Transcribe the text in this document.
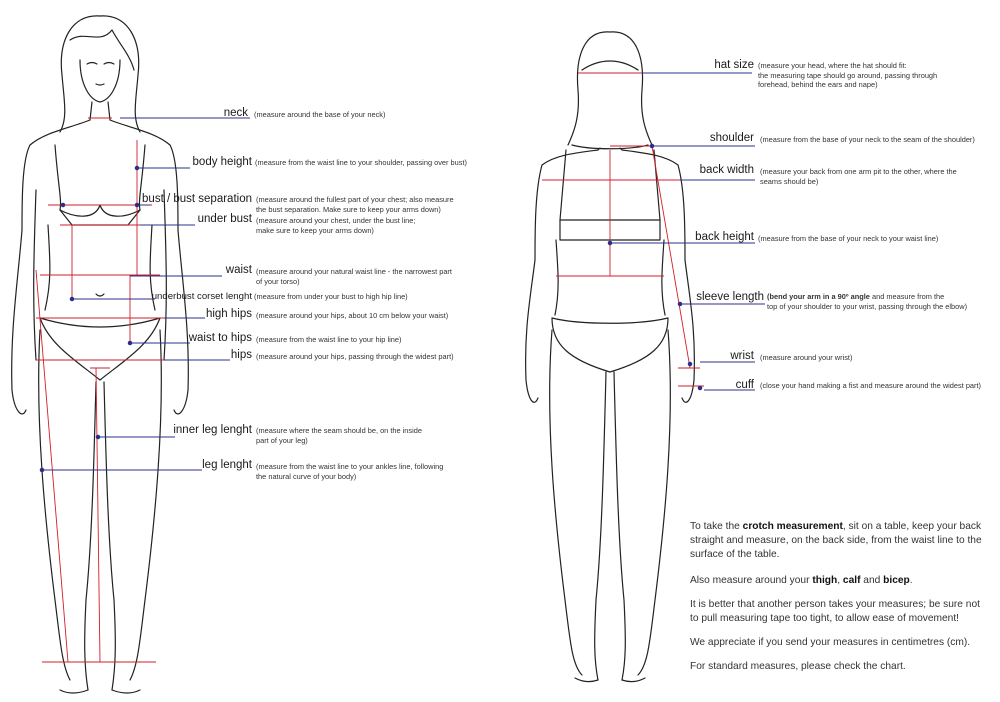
neck (measure around the base of your neck)
body height (measure from the waist line to your shoulder, passing over bust)
bust / bust separation (measure around the fullest part of your chest; also measure
the bust separation. Make sure to keep your arms down)
under bust (measure around your chest, under the bust line;
make sure to keep your arms down)
waist (measure around your natural waist line - the narrowest part
of your torso)
underbust corset lenght (measure from under your bust to high hip line)
high hips (measure around your hips, about 10 cm below your waist)
waist to hips (measure from the waist line to your hip line)
hips (measure around your hips, passing through the widest part)
inner leg lenght (measure where the seam should be, on the inside
part of your leg)
leg lenght (measure from the waist line to your ankles line, following
the natural curve of your body)
hat size (measure your head, where the hat should fit:
the measuring tape should go around, passing through
forehead, behind the ears and nape)
shoulder (measure from the base of your neck to the seam of the shoulder)
back width (measure your back from one arm pit to the other, where the
seams should be)
back height (measure from the base of your neck to your waist line)
sleeve length (bend your arm in a 90º angle and measure from the
top of your shoulder to your wrist, passing through the elbow)
wrist (measure around your wrist)
cuff (close your hand making a fist and measure around the widest part)

To take the crotch measurement, sit on a table, keep your back straight and measure, on the back side, from the waist line to the surface of the table.

Also measure around your thigh, calf and bicep.

It is better that another person takes your measures; be sure not to pull measuring tape too tight, to allow ease of movement!

We appreciate if you send your measures in centimetres (cm).

For standard measures, please check the chart.
